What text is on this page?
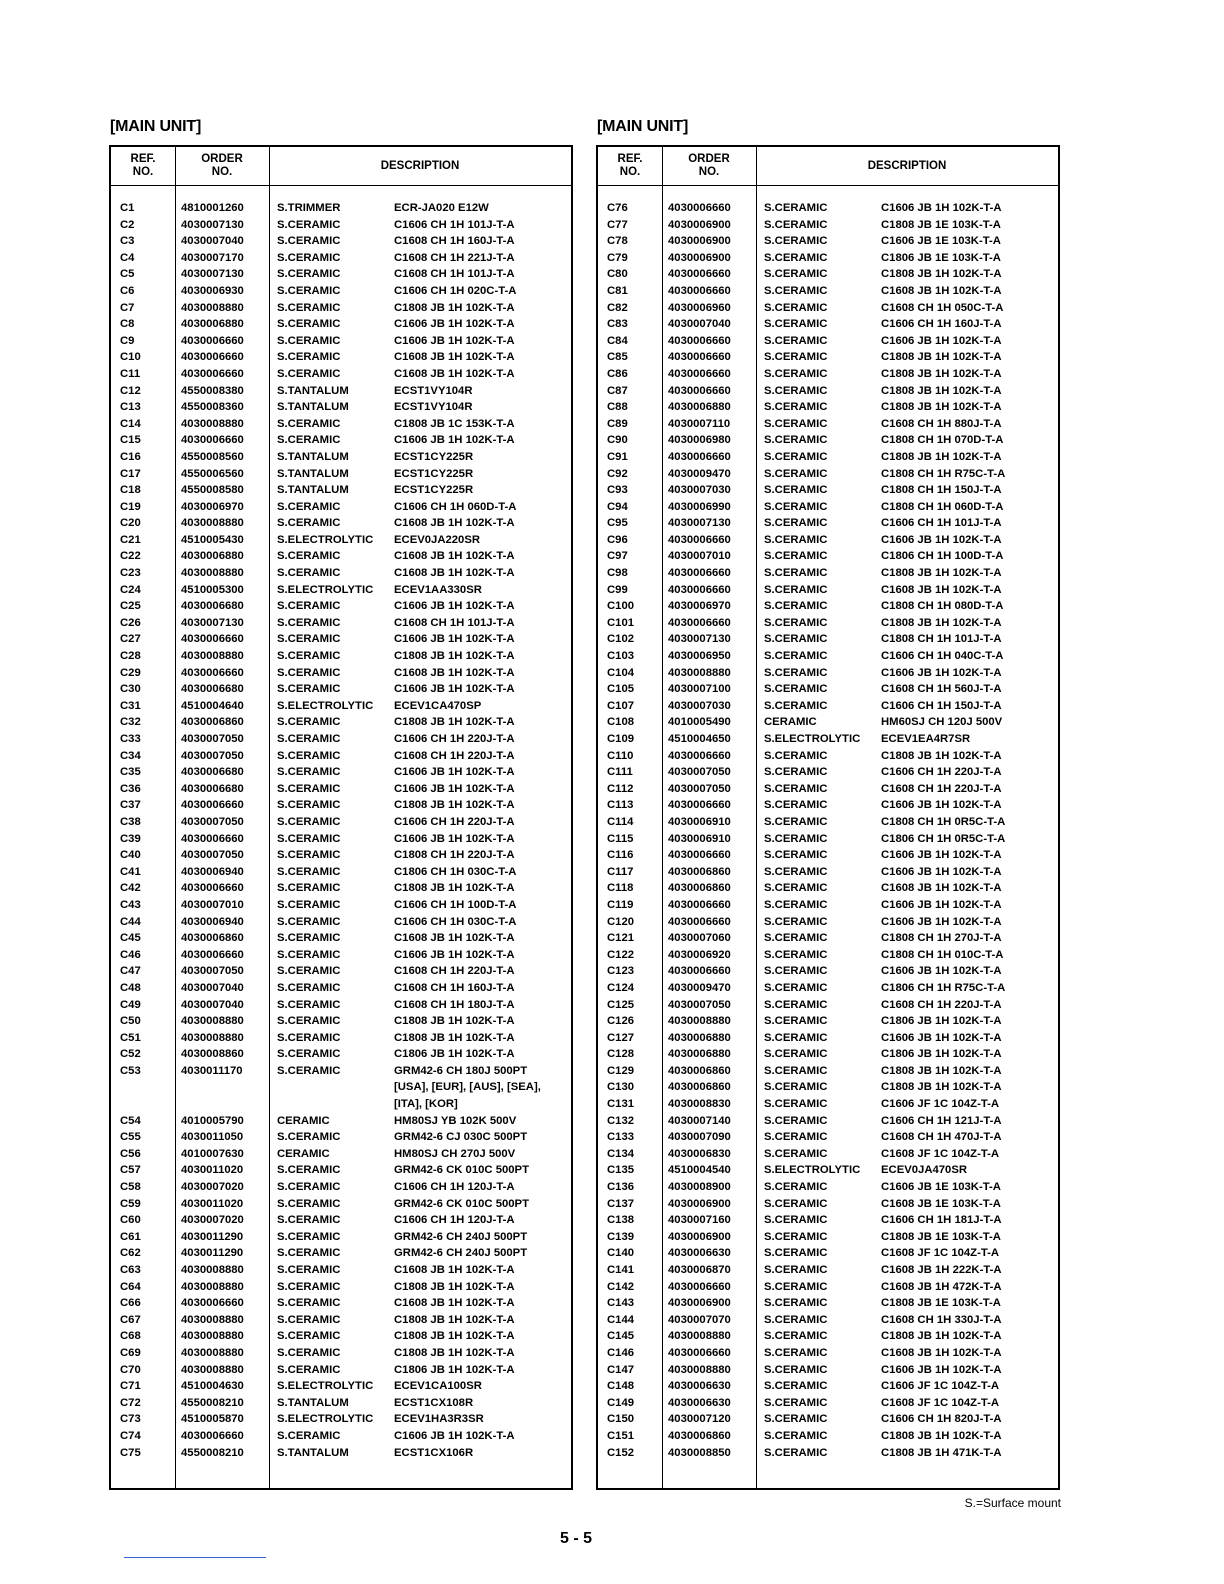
[MAIN UNIT]	[MAIN UNIT]
REF.
NO.
ORDER
NO.
DESCRIPTION
C1	4810001260	S.TRIMMER	ECR-JA020 E12W
C2	4030007130	S.CERAMIC	C1606 CH 1H 101J-T-A
C3	4030007040	S.CERAMIC	C1608 CH 1H 160J-T-A
C4	4030007170	S.CERAMIC	C1608 CH 1H 221J-T-A
C5	4030007130	S.CERAMIC	C1608 CH 1H 101J-T-A
C6	4030006930	S.CERAMIC	C1606 CH 1H 020C-T-A
C7	4030008880	S.CERAMIC	C1808 JB 1H 102K-T-A
C8	4030006880	S.CERAMIC	C1606 JB 1H 102K-T-A
C9	4030006660	S.CERAMIC	C1606 JB 1H 102K-T-A
C10	4030006660	S.CERAMIC	C1608 JB 1H 102K-T-A
C11	4030006660	S.CERAMIC	C1608 JB 1H 102K-T-A
C12	4550008380	S.TANTALUM	ECST1VY104R
C13	4550008360	S.TANTALUM	ECST1VY104R
C14	4030008880	S.CERAMIC	C1808 JB 1C 153K-T-A
C15	4030006660	S.CERAMIC	C1606 JB 1H 102K-T-A
C16	4550008560	S.TANTALUM	ECST1CY225R
C17	4550006560	S.TANTALUM	ECST1CY225R
C18	4550008580	S.TANTALUM	ECST1CY225R
C19	4030006970	S.CERAMIC	C1606 CH 1H 060D-T-A
C20	4030008880	S.CERAMIC	C1608 JB 1H 102K-T-A
C21	4510005430	S.ELECTROLYTIC ECEV0JA220SR
C22	4030006880	S.CERAMIC	C1608 JB 1H 102K-T-A
C23	4030008880	S.CERAMIC	C1608 JB 1H 102K-T-A
C24	4510005300	S.ELECTROLYTIC ECEV1AA330SR
C25	4030006680	S.CERAMIC	C1606 JB 1H 102K-T-A
C26	4030007130	S.CERAMIC	C1608 CH 1H 101J-T-A
C27	4030006660	S.CERAMIC	C1606 JB 1H 102K-T-A
C28	4030008880	S.CERAMIC	C1808 JB 1H 102K-T-A
C29	4030006660	S.CERAMIC	C1608 JB 1H 102K-T-A
C30	4030006680	S.CERAMIC	C1606 JB 1H 102K-T-A
C31	4510004640	S.ELECTROLYTIC ECEV1CA470SP
C32	4030006860	S.CERAMIC	C1808 JB 1H 102K-T-A
C33	4030007050	S.CERAMIC	C1606 CH 1H 220J-T-A
C34	4030007050	S.CERAMIC	C1608 CH 1H 220J-T-A
C35	4030006680	S.CERAMIC	C1606 JB 1H 102K-T-A
C36	4030006680	S.CERAMIC	C1606 JB 1H 102K-T-A
C37	4030006660	S.CERAMIC	C1808 JB 1H 102K-T-A
C38	4030007050	S.CERAMIC	C1606 CH 1H 220J-T-A
C39	4030006660	S.CERAMIC	C1606 JB 1H 102K-T-A
C40	4030007050	S.CERAMIC	C1808 CH 1H 220J-T-A
C41	4030006940	S.CERAMIC	C1806 CH 1H 030C-T-A
C42	4030006660	S.CERAMIC	C1808 JB 1H 102K-T-A
C43	4030007010	S.CERAMIC	C1606 CH 1H 100D-T-A
C44	4030006940	S.CERAMIC	C1606 CH 1H 030C-T-A
C45	4030006860	S.CERAMIC	C1608 JB 1H 102K-T-A
C46	4030006660	S.CERAMIC	C1606 JB 1H 102K-T-A
C47	4030007050	S.CERAMIC	C1608 CH 1H 220J-T-A
C48	4030007040	S.CERAMIC	C1608 CH 1H 160J-T-A
C49	4030007040	S.CERAMIC	C1608 CH 1H 180J-T-A
C50	4030008880	S.CERAMIC	C1808 JB 1H 102K-T-A
C51	4030008880	S.CERAMIC	C1808 JB 1H 102K-T-A
C52	4030008860	S.CERAMIC	C1806 JB 1H 102K-T-A
C53	4030011170	S.CERAMIC	GRM42-6 CH 180J 500PT
[USA], [EUR], [AUS], [SEA],
[ITA], [KOR]
C54	4010005790	CERAMIC	HM80SJ YB 102K 500V
C55	4030011050	S.CERAMIC	GRM42-6 CJ 030C 500PT
C56	4010007630	CERAMIC	HM80SJ CH 270J 500V
C57	4030011020	S.CERAMIC	GRM42-6 CK 010C 500PT
C58	4030007020	S.CERAMIC	C1606 CH 1H 120J-T-A
C59	4030011020	S.CERAMIC	GRM42-6 CK 010C 500PT
C60	4030007020	S.CERAMIC	C1606 CH 1H 120J-T-A
C61	4030011290	S.CERAMIC	GRM42-6 CH 240J 500PT
C62	4030011290	S.CERAMIC	GRM42-6 CH 240J 500PT
C63	4030008880	S.CERAMIC	C1608 JB 1H 102K-T-A
C64	4030008880	S.CERAMIC	C1808 JB 1H 102K-T-A
C66	4030006660	S.CERAMIC	C1608 JB 1H 102K-T-A
C67	4030008880	S.CERAMIC	C1808 JB 1H 102K-T-A
C68	4030008880	S.CERAMIC	C1808 JB 1H 102K-T-A
C69	4030008880	S.CERAMIC	C1808 JB 1H 102K-T-A
C70	4030008880	S.CERAMIC	C1806 JB 1H 102K-T-A
C71	4510004630	S.ELECTROLYTIC ECEV1CA100SR
C72	4550008210	S.TANTALUM	ECST1CX108R
C73	4510005870	S.ELECTROLYTIC ECEV1HA3R3SR
C74	4030006660	S.CERAMIC	C1606 JB 1H 102K-T-A
C75	4550008210	S.TANTALUM	ECST1CX106R
REF.
NO.
ORDER
NO.
DESCRIPTION
C76	4030006660	S.CERAMIC	C1606 JB 1H 102K-T-A
C77	4030006900	S.CERAMIC	C1808 JB 1E 103K-T-A
C78	4030006900	S.CERAMIC	C1606 JB 1E 103K-T-A
C79	4030006900	S.CERAMIC	C1806 JB 1E 103K-T-A
C80	4030006660	S.CERAMIC	C1808 JB 1H 102K-T-A
C81	4030006660	S.CERAMIC	C1608 JB 1H 102K-T-A
C82	4030006960	S.CERAMIC	C1608 CH 1H 050C-T-A
C83	4030007040	S.CERAMIC	C1606 CH 1H 160J-T-A
C84	4030006660	S.CERAMIC	C1606 JB 1H 102K-T-A
C85	4030006660	S.CERAMIC	C1808 JB 1H 102K-T-A
C86	4030006660	S.CERAMIC	C1808 JB 1H 102K-T-A
C87	4030006660	S.CERAMIC	C1808 JB 1H 102K-T-A
C88	4030006880	S.CERAMIC	C1808 JB 1H 102K-T-A
C89	4030007110	S.CERAMIC	C1608 CH 1H 880J-T-A
C90	4030006980	S.CERAMIC	C1808 CH 1H 070D-T-A
C91	4030006660	S.CERAMIC	C1808 JB 1H 102K-T-A
C92	4030009470	S.CERAMIC	C1808 CH 1H R75C-T-A
C93	4030007030	S.CERAMIC	C1808 CH 1H 150J-T-A
C94	4030006990	S.CERAMIC	C1808 CH 1H 060D-T-A
C95	4030007130	S.CERAMIC	C1606 CH 1H 101J-T-A
C96	4030006660	S.CERAMIC	C1606 JB 1H 102K-T-A
C97	4030007010	S.CERAMIC	C1806 CH 1H 100D-T-A
C98	4030006660	S.CERAMIC	C1808 JB 1H 102K-T-A
C99	4030006660	S.CERAMIC	C1608 JB 1H 102K-T-A
C100	4030006970	S.CERAMIC	C1808 CH 1H 080D-T-A
C101	4030006660	S.CERAMIC	C1808 JB 1H 102K-T-A
C102	4030007130	S.CERAMIC	C1808 CH 1H 101J-T-A
C103	4030006950	S.CERAMIC	C1606 CH 1H 040C-T-A
C104	4030008880	S.CERAMIC	C1606 JB 1H 102K-T-A
C105	4030007100	S.CERAMIC	C1608 CH 1H 560J-T-A
C107	4030007030	S.CERAMIC	C1606 CH 1H 150J-T-A
C108	4010005490	CERAMIC	HM60SJ CH 120J 500V
C109	4510004650	S.ELECTROLYTIC ECEV1EA4R7SR
C110	4030006660	S.CERAMIC	C1808 JB 1H 102K-T-A
C111	4030007050	S.CERAMIC	C1606 CH 1H 220J-T-A
C112	4030007050	S.CERAMIC	C1608 CH 1H 220J-T-A
C113	4030006660	S.CERAMIC	C1606 JB 1H 102K-T-A
C114	4030006910	S.CERAMIC	C1808 CH 1H 0R5C-T-A
C115	4030006910	S.CERAMIC	C1806 CH 1H 0R5C-T-A
C116	4030006660	S.CERAMIC	C1606 JB 1H 102K-T-A
C117	4030006860	S.CERAMIC	C1606 JB 1H 102K-T-A
C118	4030006860	S.CERAMIC	C1608 JB 1H 102K-T-A
C119	4030006660	S.CERAMIC	C1606 JB 1H 102K-T-A
C120	4030006660	S.CERAMIC	C1606 JB 1H 102K-T-A
C121	4030007060	S.CERAMIC	C1808 CH 1H 270J-T-A
C122	4030006920	S.CERAMIC	C1808 CH 1H 010C-T-A
C123	4030006660	S.CERAMIC	C1606 JB 1H 102K-T-A
C124	4030009470	S.CERAMIC	C1806 CH 1H R75C-T-A
C125	4030007050	S.CERAMIC	C1608 CH 1H 220J-T-A
C126	4030008880	S.CERAMIC	C1806 JB 1H 102K-T-A
C127	4030006880	S.CERAMIC	C1606 JB 1H 102K-T-A
C128	4030006880	S.CERAMIC	C1806 JB 1H 102K-T-A
C129	4030006860	S.CERAMIC	C1808 JB 1H 102K-T-A
C130	4030006860	S.CERAMIC	C1808 JB 1H 102K-T-A
C131	4030008830	S.CERAMIC	C1606 JF 1C 104Z-T-A
C132	4030007140	S.CERAMIC	C1606 CH 1H 121J-T-A
C133	4030007090	S.CERAMIC	C1608 CH 1H 470J-T-A
C134	4030006830	S.CERAMIC	C1608 JF 1C 104Z-T-A
C135	4510004540	S.ELECTROLYTIC ECEV0JA470SR
C136	4030008900	S.CERAMIC	C1606 JB 1E 103K-T-A
C137	4030006900	S.CERAMIC	C1608 JB 1E 103K-T-A
C138	4030007160	S.CERAMIC	C1606 CH 1H 181J-T-A
C139	4030006900	S.CERAMIC	C1808 JB 1E 103K-T-A
C140	4030006630	S.CERAMIC	C1608 JF 1C 104Z-T-A
C141	4030006870	S.CERAMIC	C1608 JB 1H 222K-T-A
C142	4030006660	S.CERAMIC	C1608 JB 1H 472K-T-A
C143	4030006900	S.CERAMIC	C1808 JB 1E 103K-T-A
C144	4030007070	S.CERAMIC	C1608 CH 1H 330J-T-A
C145	4030008880	S.CERAMIC	C1808 JB 1H 102K-T-A
C146	4030006660	S.CERAMIC	C1608 JB 1H 102K-T-A
C147	4030008880	S.CERAMIC	C1606 JB 1H 102K-T-A
C148	4030006630	S.CERAMIC	C1606 JF 1C 104Z-T-A
C149	4030006630	S.CERAMIC	C1608 JF 1C 104Z-T-A
C150	4030007120	S.CERAMIC	C1606 CH 1H 820J-T-A
C151	4030006860	S.CERAMIC	C1808 JB 1H 102K-T-A
C152	4030008850	S.CERAMIC	C1808 JB 1H 471K-T-A
S.=Surface mount
5 - 5
